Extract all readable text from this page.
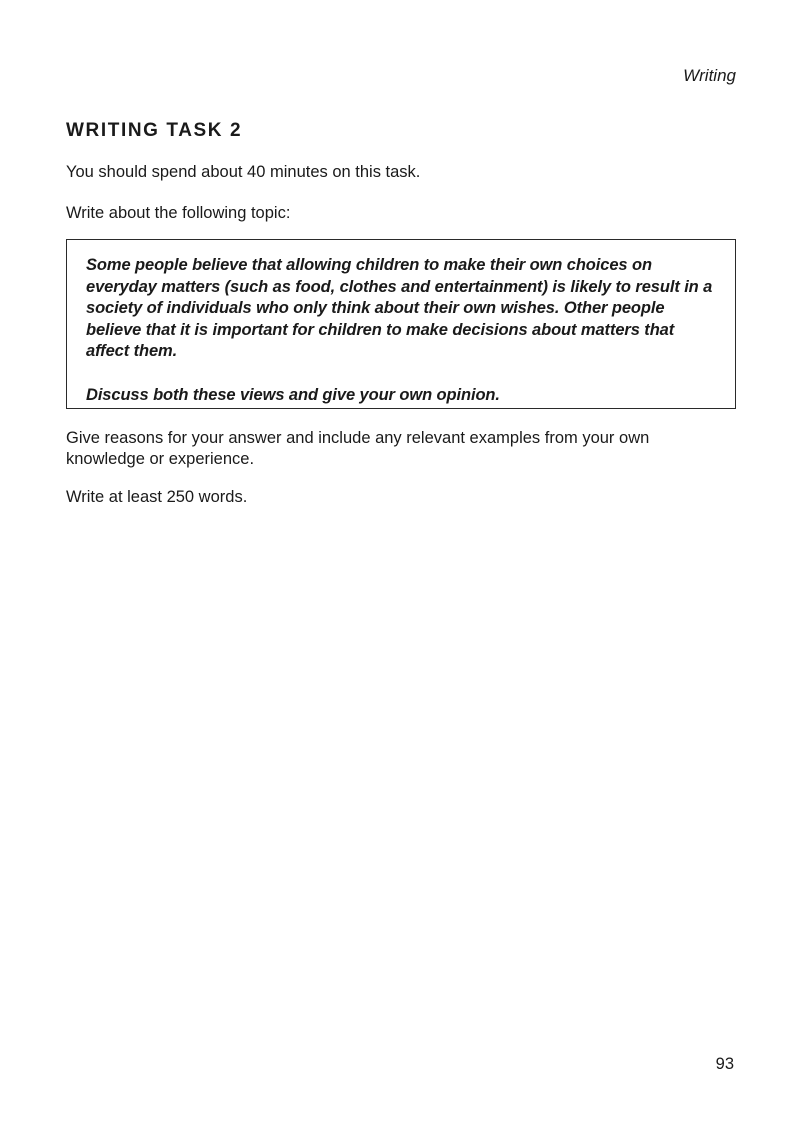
Writing
WRITING TASK 2

You should spend about 40 minutes on this task.

Write about the following topic:

Some people believe that allowing children to make their own choices on everyday matters (such as food, clothes and entertainment) is likely to result in a society of individuals who only think about their own wishes. Other people believe that it is important for children to make decisions about matters that affect them.

Discuss both these views and give your own opinion.

Give reasons for your answer and include any relevant examples from your own knowledge or experience.

Write at least 250 words.

93
